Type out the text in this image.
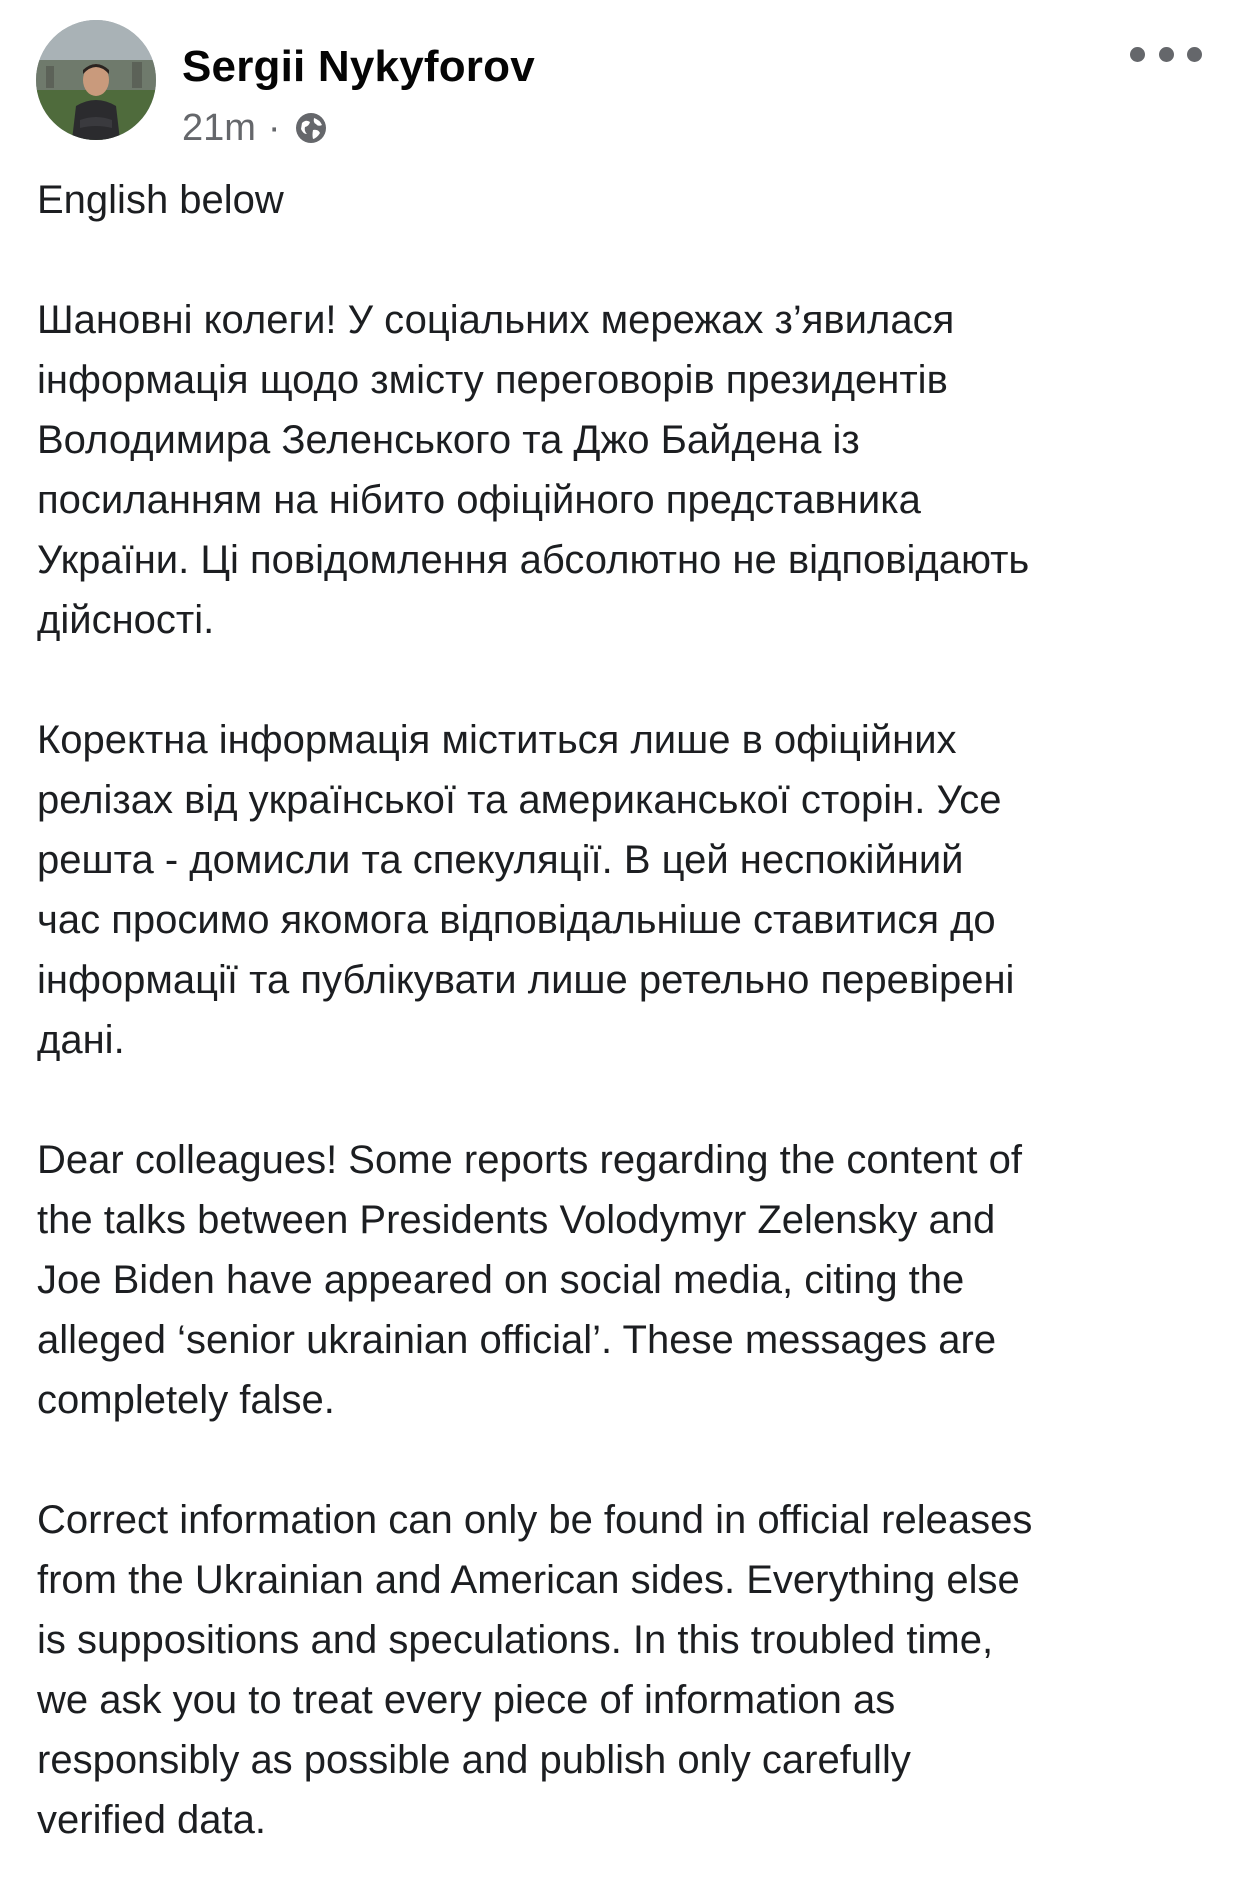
Sergii Nykyforov
21m ·
English below
Шановні колеги! У соціальних мережах з’явилася
інформація щодо змісту переговорів президентів
Володимира Зеленського та Джо Байдена із
посиланням на нібито офіційного представника
України. Ці повідомлення абсолютно не відповідають
дійсності.
Коректна інформація міститься лише в офіційних
релізах від української та американської сторін. Усе
решта - домисли та спекуляції. В цей неспокійний
час просимо якомога відповідальніше ставитися до
інформації та публікувати лише ретельно перевірені
дані.
Dear colleagues! Some reports regarding the content of
the talks between Presidents Volodymyr Zelensky and
Joe Biden have appeared on social media, citing the
alleged ‘senior ukrainian official’. These messages are
completely false.
Correct information can only be found in official releases
from the Ukrainian and American sides. Everything else
is suppositions and speculations. In this troubled time,
we ask you to treat every piece of information as
responsibly as possible and publish only carefully
verified data.
